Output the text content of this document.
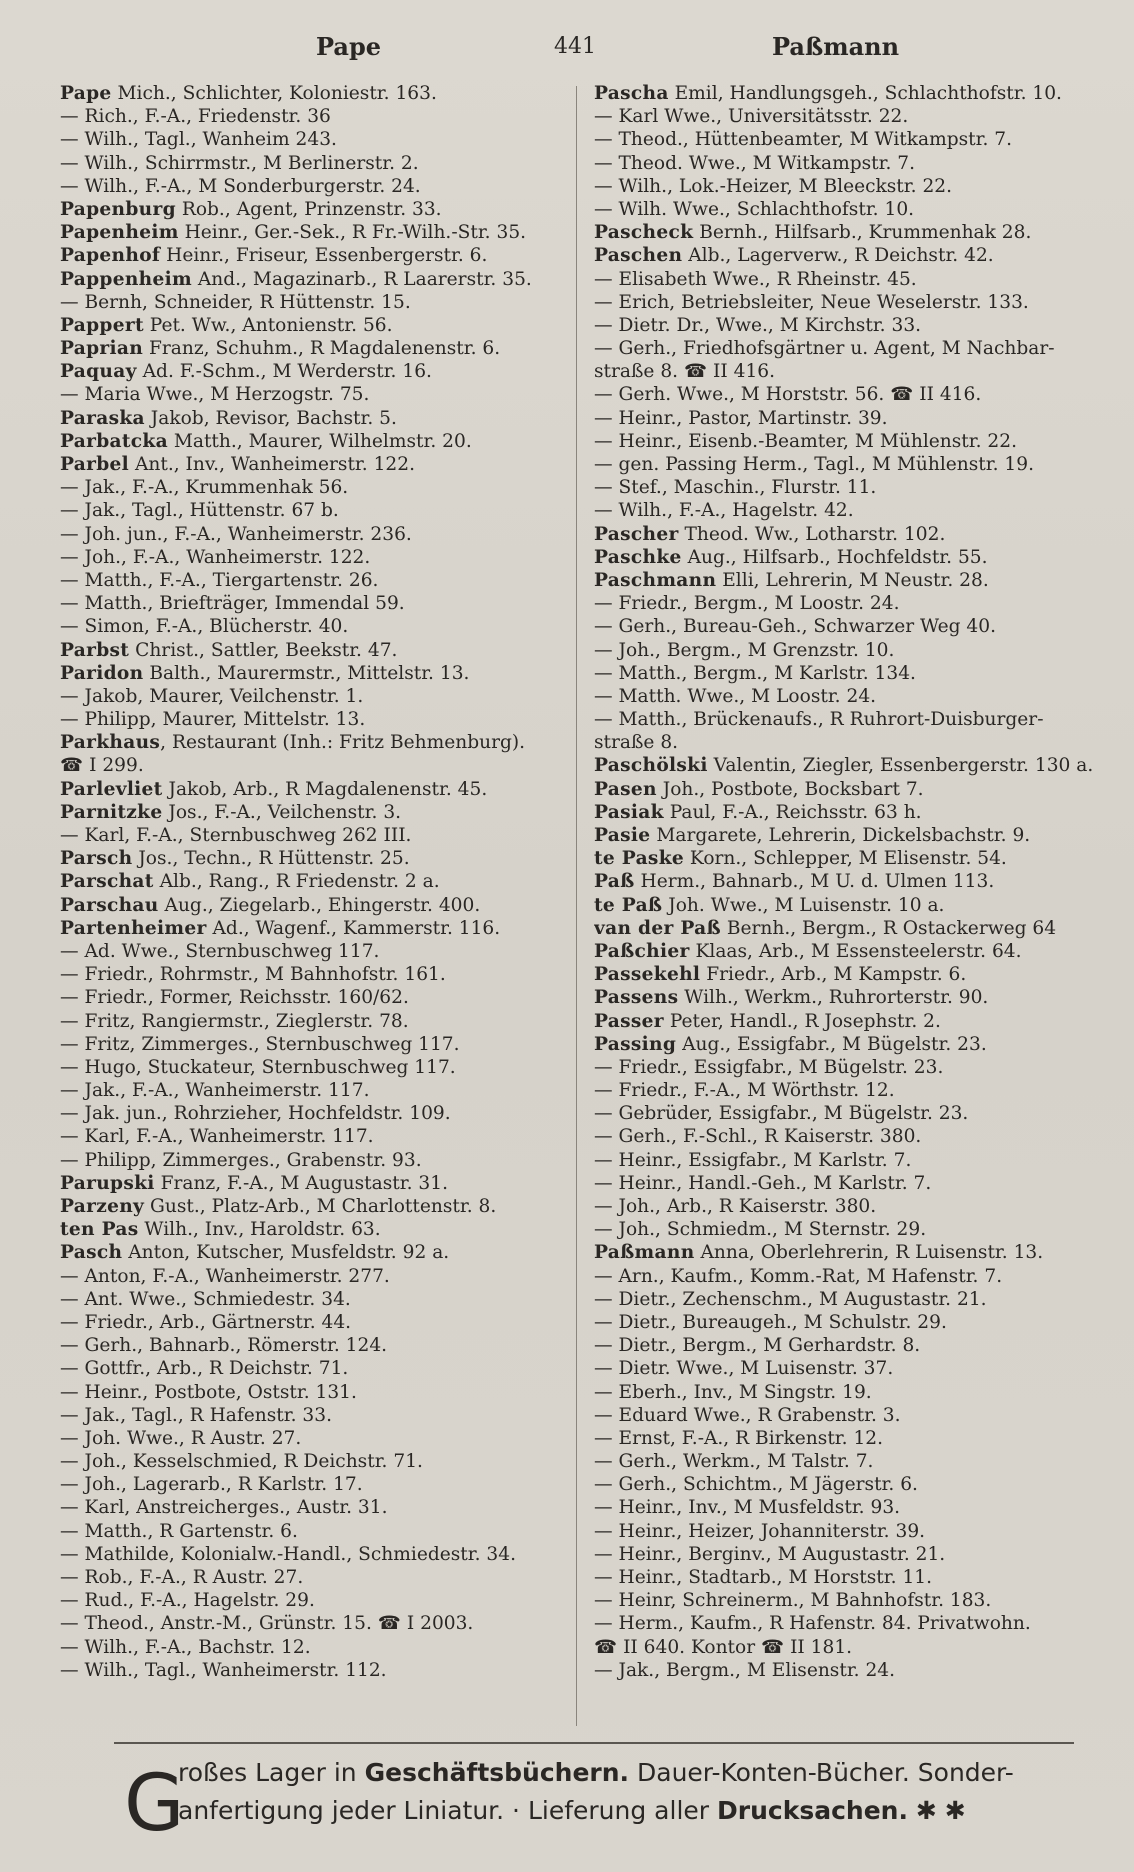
Pape	441	Paßmann
Pape Mich., Schlichter, Koloniestr. 163.
— Rich., F.-A., Friedenstr. 36
— Wilh., Tagl., Wanheim 243.
— Wilh., Schirrmstr., M Berlinerstr. 2.
— Wilh., F.-A., M Sonderburgerstr. 24.
Papenburg Rob., Agent, Prinzenstr. 33.
Papenheim Heinr., Ger.-Sek., R Fr.-Wilh.-Str. 35.
Papenhof Heinr., Friseur, Essenbergerstr. 6.
Pappenheim And., Magazinarb., R Laarerstr. 35.
— Bernh, Schneider, R Hüttenstr. 15.
Pappert Pet. Ww., Antonienstr. 56.
Paprian Franz, Schuhm., R Magdalenenstr. 6.
Paquay Ad. F.-Schm., M Werderstr. 16.
— Maria Wwe., M Herzogstr. 75.
Paraska Jakob, Revisor, Bachstr. 5.
Parbatcka Matth., Maurer, Wilhelmstr. 20.
Parbel Ant., Inv., Wanheimerstr. 122.
— Jak., F.-A., Krummenhak 56.
— Jak., Tagl., Hüttenstr. 67 b.
— Joh. jun., F.-A., Wanheimerstr. 236.
— Joh., F.-A., Wanheimerstr. 122.
— Matth., F.-A., Tiergartenstr. 26.
— Matth., Briefträger, Immendal 59.
— Simon, F.-A., Blücherstr. 40.
Parbst Christ., Sattler, Beekstr. 47.
Paridon Balth., Maurermstr., Mittelstr. 13.
— Jakob, Maurer, Veilchenstr. 1.
— Philipp, Maurer, Mittelstr. 13.
Parkhaus, Restaurant (Inh.: Fritz Behmenburg).
☎ I 299.
Parlevliet Jakob, Arb., R Magdalenenstr. 45.
Parnitzke Jos., F.-A., Veilchenstr. 3.
— Karl, F.-A., Sternbuschweg 262 III.
Parsch Jos., Techn., R Hüttenstr. 25.
Parschat Alb., Rang., R Friedenstr. 2 a.
Parschau Aug., Ziegelarb., Ehingerstr. 400.
Partenheimer Ad., Wagenf., Kammerstr. 116.
— Ad. Wwe., Sternbuschweg 117.
— Friedr., Rohrmstr., M Bahnhofstr. 161.
— Friedr., Former, Reichsstr. 160/62.
— Fritz, Rangiermstr., Zieglerstr. 78.
— Fritz, Zimmerges., Sternbuschweg 117.
— Hugo, Stuckateur, Sternbuschweg 117.
— Jak., F.-A., Wanheimerstr. 117.
— Jak. jun., Rohrzieher, Hochfeldstr. 109.
— Karl, F.-A., Wanheimerstr. 117.
— Philipp, Zimmerges., Grabenstr. 93.
Parupski Franz, F.-A., M Augustastr. 31.
Parzeny Gust., Platz-Arb., M Charlottenstr. 8.
ten Pas Wilh., Inv., Haroldstr. 63.
Pasch Anton, Kutscher, Musfeldstr. 92 a.
— Anton, F.-A., Wanheimerstr. 277.
— Ant. Wwe., Schmiedestr. 34.
— Friedr., Arb., Gärtnerstr. 44.
— Gerh., Bahnarb., Römerstr. 124.
— Gottfr., Arb., R Deichstr. 71.
— Heinr., Postbote, Oststr. 131.
— Jak., Tagl., R Hafenstr. 33.
— Joh. Wwe., R Austr. 27.
— Joh., Kesselschmied, R Deichstr. 71.
— Joh., Lagerarb., R Karlstr. 17.
— Karl, Anstreicherges., Austr. 31.
— Matth., R Gartenstr. 6.
— Mathilde, Kolonialw.-Handl., Schmiedestr. 34.
— Rob., F.-A., R Austr. 27.
— Rud., F.-A., Hagelstr. 29.
— Theod., Anstr.-M., Grünstr. 15. ☎ I 2003.
— Wilh., F.-A., Bachstr. 12.
— Wilh., Tagl., Wanheimerstr. 112.
Pascha Emil, Handlungsgeh., Schlachthofstr. 10.
— Karl Wwe., Universitätsstr. 22.
— Theod., Hüttenbeamter, M Witkampstr. 7.
— Theod. Wwe., M Witkampstr. 7.
— Wilh., Lok.-Heizer, M Bleeckstr. 22.
— Wilh. Wwe., Schlachthofstr. 10.
Pascheck Bernh., Hilfsarb., Krummenhak 28.
Paschen Alb., Lagerverw., R Deichstr. 42.
— Elisabeth Wwe., R Rheinstr. 45.
— Erich, Betriebsleiter, Neue Weselerstr. 133.
— Dietr. Dr., Wwe., M Kirchstr. 33.
— Gerh., Friedhofsgärtner u. Agent, M Nachbar-
straße 8. ☎ II 416.
— Gerh. Wwe., M Horststr. 56. ☎ II 416.
— Heinr., Pastor, Martinstr. 39.
— Heinr., Eisenb.-Beamter, M Mühlenstr. 22.
— gen. Passing Herm., Tagl., M Mühlenstr. 19.
— Stef., Maschin., Flurstr. 11.
— Wilh., F.-A., Hagelstr. 42.
Pascher Theod. Ww., Lotharstr. 102.
Paschke Aug., Hilfsarb., Hochfeldstr. 55.
Paschmann Elli, Lehrerin, M Neustr. 28.
— Friedr., Bergm., M Loostr. 24.
— Gerh., Bureau-Geh., Schwarzer Weg 40.
— Joh., Bergm., M Grenzstr. 10.
— Matth., Bergm., M Karlstr. 134.
— Matth. Wwe., M Loostr. 24.
— Matth., Brückenaufs., R Ruhrort-Duisburger-
straße 8.
Paschölski Valentin, Ziegler, Essenbergerstr. 130 a.
Pasen Joh., Postbote, Bocksbart 7.
Pasiak Paul, F.-A., Reichsstr. 63 h.
Pasie Margarete, Lehrerin, Dickelsbachstr. 9.
te Paske Korn., Schlepper, M Elisenstr. 54.
Paß Herm., Bahnarb., M U. d. Ulmen 113.
te Paß Joh. Wwe., M Luisenstr. 10 a.
van der Paß Bernh., Bergm., R Ostackerweg 64
Paßchier Klaas, Arb., M Essensteelerstr. 64.
Passekehl Friedr., Arb., M Kampstr. 6.
Passens Wilh., Werkm., Ruhrorterstr. 90.
Passer Peter, Handl., R Josephstr. 2.
Passing Aug., Essigfabr., M Bügelstr. 23.
— Friedr., Essigfabr., M Bügelstr. 23.
— Friedr., F.-A., M Wörthstr. 12.
— Gebrüder, Essigfabr., M Bügelstr. 23.
— Gerh., F.-Schl., R Kaiserstr. 380.
— Heinr., Essigfabr., M Karlstr. 7.
— Heinr., Handl.-Geh., M Karlstr. 7.
— Joh., Arb., R Kaiserstr. 380.
— Joh., Schmiedm., M Sternstr. 29.
Paßmann Anna, Oberlehrerin, R Luisenstr. 13.
— Arn., Kaufm., Komm.-Rat, M Hafenstr. 7.
— Dietr., Zechenschm., M Augustastr. 21.
— Dietr., Bureaugeh., M Schulstr. 29.
— Dietr., Bergm., M Gerhardstr. 8.
— Dietr. Wwe., M Luisenstr. 37.
— Eberh., Inv., M Singstr. 19.
— Eduard Wwe., R Grabenstr. 3.
— Ernst, F.-A., R Birkenstr. 12.
— Gerh., Werkm., M Talstr. 7.
— Gerh., Schichtm., M Jägerstr. 6.
— Heinr., Inv., M Musfeldstr. 93.
— Heinr., Heizer, Johanniterstr. 39.
— Heinr., Berginv., M Augustastr. 21.
— Heinr., Stadtarb., M Horststr. 11.
— Heinr, Schreinerm., M Bahnhofstr. 183.
— Herm., Kaufm., R Hafenstr. 84. Privatwohn.
☎ II 640. Kontor ☎ II 181.
— Jak., Bergm., M Elisenstr. 24.
G
roßes Lager in Geschäftsbüchern. Dauer-Konten-Bücher. Sonder-
anfertigung jeder Liniatur. · Lieferung aller Drucksachen. ✱ ✱
